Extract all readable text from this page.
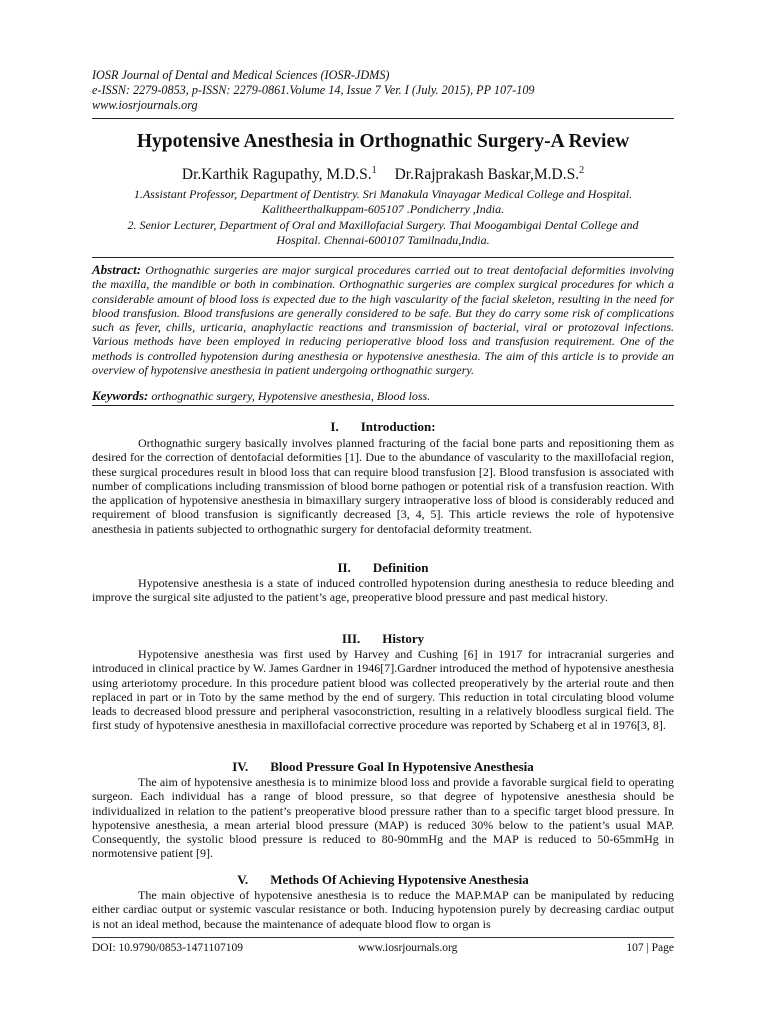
IOSR Journal of Dental and Medical Sciences (IOSR-JDMS)
e-ISSN: 2279-0853, p-ISSN: 2279-0861.Volume 14, Issue 7 Ver. I (July. 2015), PP 107-109
www.iosrjournals.org
Hypotensive Anesthesia in Orthognathic Surgery-A Review
Dr.Karthik Ragupathy, M.D.S.$^1$ Dr.Rajprakash Baskar,M.D.S.$^2$
1.Assistant Professor, Department of Dentistry. Sri Manakula Vinayagar Medical College and Hospital.
Kalitheerthalkuppam-605107 .Pondicherry ,India.
2. Senior Lecturer, Department of Oral and Maxillofacial Surgery. Thai Moogambigai Dental College and
Hospital. Chennai-600107 Tamilnadu,India.
Abstract: Orthognathic surgeries are major surgical procedures carried out to treat dentofacial deformities involving the maxilla, the mandible or both in combination. Orthognathic surgeries are complex surgical procedures for which a considerable amount of blood loss is expected due to the high vascularity of the facial skeleton, resulting in the need for blood transfusion. Blood transfusions are generally considered to be safe. But they do carry some risk of complications such as fever, chills, urticaria, anaphylactic reactions and transmission of bacterial, viral or protozoval infections. Various methods have been employed in reducing perioperative blood loss and transfusion requirement. One of the methods is controlled hypotension during anesthesia or hypotensive anesthesia. The aim of this article is to provide an overview of hypotensive anesthesia in patient undergoing orthognathic surgery.
Keywords: orthognathic surgery, Hypotensive anesthesia, Blood loss.
I. Introduction:

Orthognathic surgery basically involves planned fracturing of the facial bone parts and repositioning them as desired for the correction of dentofacial deformities [1]. Due to the abundance of vascularity to the maxillofacial region, these surgical procedures result in blood loss that can require blood transfusion [2]. Blood transfusion is associated with number of complications including transmission of blood borne pathogen or potential risk of a transfusion reaction. With the application of hypotensive anesthesia in bimaxillary surgery intraoperative loss of blood is considerably reduced and requirement of blood transfusion is significantly decreased [3, 4, 5]. This article reviews the role of hypotensive anesthesia in patients subjected to orthognathic surgery for dentofacial deformity treatment.

II. Definition

Hypotensive anesthesia is a state of induced controlled hypotension during anesthesia to reduce bleeding and improve the surgical site adjusted to the patient’s age, preoperative blood pressure and past medical history.

III. History

Hypotensive anesthesia was first used by Harvey and Cushing [6] in 1917 for intracranial surgeries and introduced in clinical practice by W. James Gardner in 1946[7].Gardner introduced the method of hypotensive anesthesia using arteriotomy procedure. In this procedure patient blood was collected preoperatively by the arterial route and then replaced in part or in Toto by the same method by the end of surgery. This reduction in total circulating blood volume leads to decreased blood pressure and peripheral vasoconstriction, resulting in a relatively bloodless surgical field. The first study of hypotensive anesthesia in maxillofacial corrective procedure was reported by Schaberg et al in 1976[3, 8].

IV. Blood Pressure Goal In Hypotensive Anesthesia

The aim of hypotensive anesthesia is to minimize blood loss and provide a favorable surgical field to operating surgeon. Each individual has a range of blood pressure, so that degree of hypotensive anesthesia should be individualized in relation to the patient’s preoperative blood pressure rather than to a specific target blood pressure. In hypotensive anesthesia, a mean arterial blood pressure (MAP) is reduced 30% below to the patient’s usual MAP. Consequently, the systolic blood pressure is reduced to 80-90mmHg and the MAP is reduced to 50-65mmHg in normotensive patient [9].

V. Methods Of Achieving Hypotensive Anesthesia

The main objective of hypotensive anesthesia is to reduce the MAP.MAP can be manipulated by reducing either cardiac output or systemic vascular resistance or both. Inducing hypotension purely by decreasing cardiac output is not an ideal method, because the maintenance of adequate blood flow to organ is

DOI: 10.9790/0853-1471107109	www.iosrjournals.org	107 | Page
